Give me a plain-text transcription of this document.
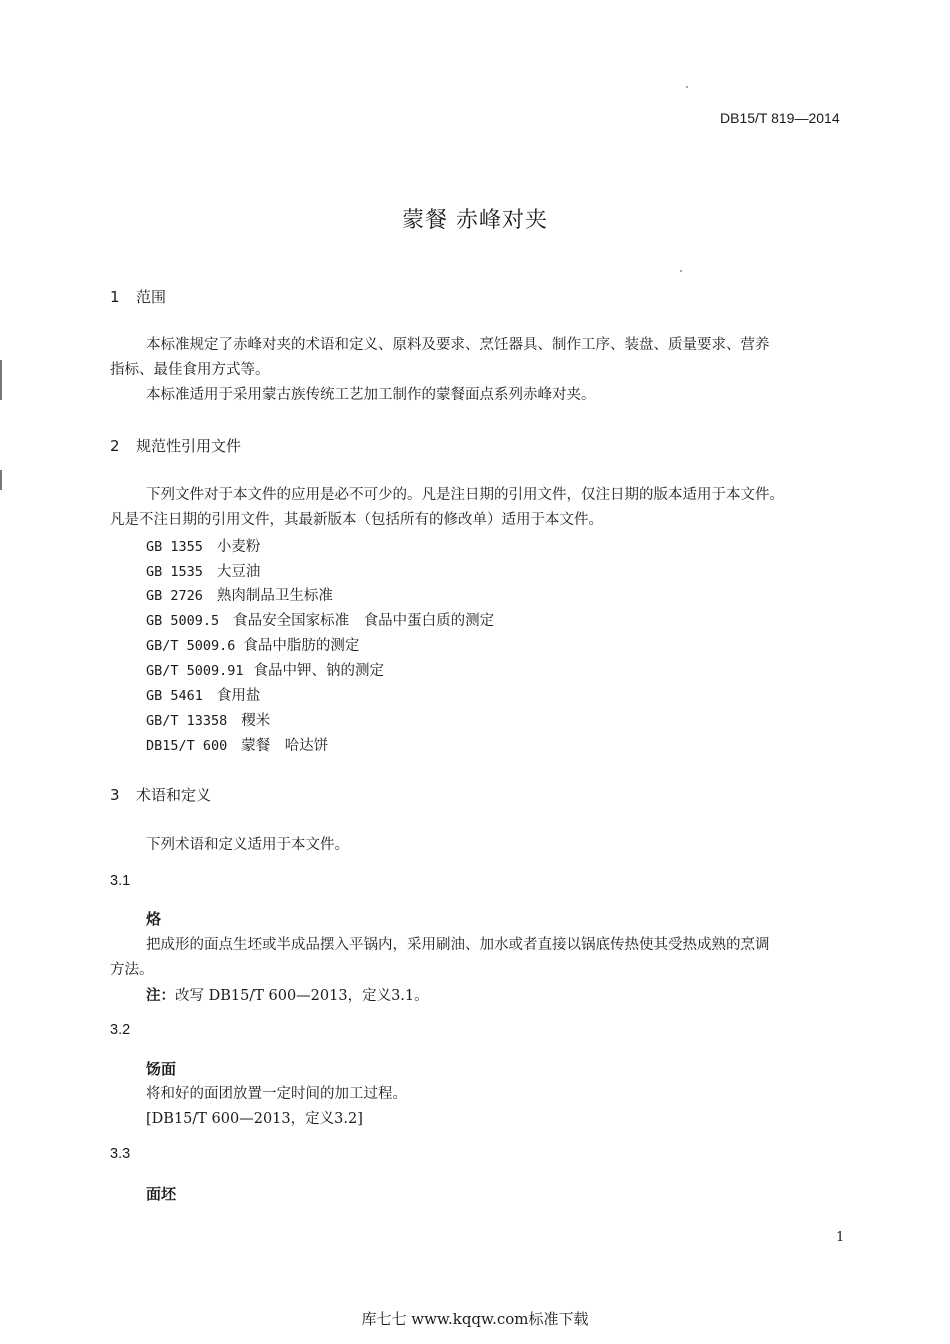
DB15/T 819—2014
蒙餐 赤峰对夹
1 范围
本标准规定了赤峰对夹的术语和定义、原料及要求、烹饪器具、制作工序、装盘、质量要求、营养
指标、最佳食用方式等。
本标准适用于采用蒙古族传统工艺加工制作的蒙餐面点系列赤峰对夹。
2 规范性引用文件
下列文件对于本文件的应用是必不可少的。凡是注日期的引用文件，仅注日期的版本适用于本文件。
凡是不注日期的引用文件，其最新版本（包括所有的修改单）适用于本文件。
GB 1355 小麦粉
GB 1535 大豆油
GB 2726 熟肉制品卫生标准
GB 5009.5 食品安全国家标准　食品中蛋白质的测定
GB/T 5009.6 食品中脂肪的测定
GB/T 5009.91 食品中钾、钠的测定
GB 5461 食用盐
GB/T 13358 稷米
DB15/T 600 蒙餐　哈达饼
3 术语和定义
下列术语和定义适用于本文件。
3.1
烙
把成形的面点生坯或半成品摆入平锅内，采用刷油、加水或者直接以锅底传热使其受热成熟的烹调
方法。
注：改写 DB15/T 600—2013，定义3.1。
3.2
饧面
将和好的面团放置一定时间的加工过程。
[DB15/T 600—2013，定义3.2]
3.3
面坯
1
库七七 www.kqqw.com标准下载
